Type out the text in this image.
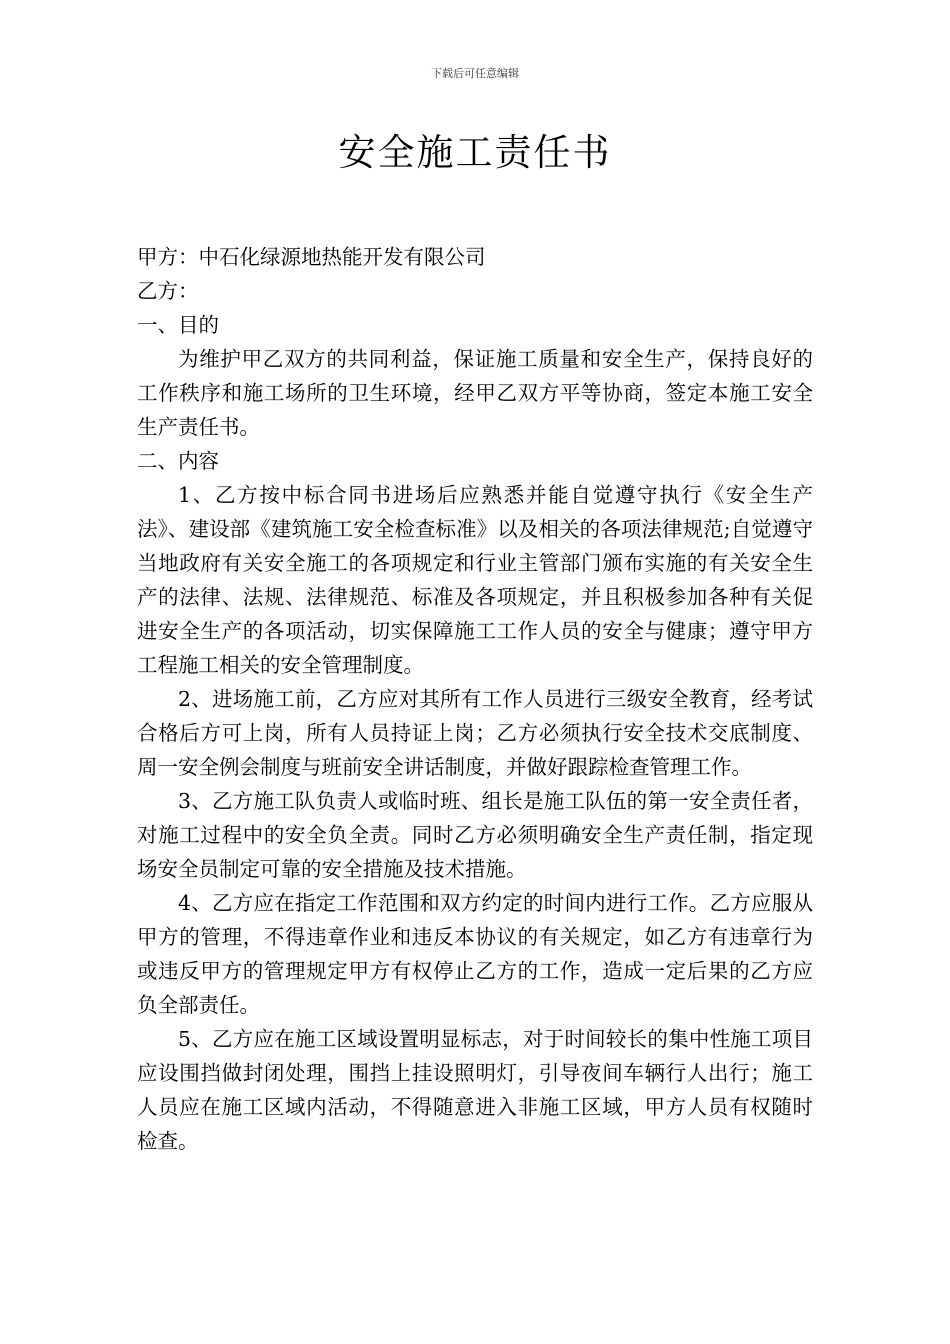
下载后可任意编辑
安全施工责任书

甲方：中石化绿源地热能开发有限公司

乙方：

一、目的

为维护甲乙双方的共同利益，保证施工质量和安全生产，保持良好的工作秩序和施工场所的卫生环境，经甲乙双方平等协商，签定本施工安全生产责任书。

二、内容

1、乙方按中标合同书进场后应熟悉并能自觉遵守执行《安全生产法》、建设部《建筑施工安全检查标准》以及相关的各项法律规范;自觉遵守当地政府有关安全施工的各项规定和行业主管部门颁布实施的有关安全生产的法律、法规、法律规范、标准及各项规定，并且积极参加各种有关促进安全生产的各项活动，切实保障施工工作人员的安全与健康；遵守甲方工程施工相关的安全管理制度。

2、进场施工前，乙方应对其所有工作人员进行三级安全教育，经考试合格后方可上岗，所有人员持证上岗；乙方必须执行安全技术交底制度、周一安全例会制度与班前安全讲话制度，并做好跟踪检查管理工作。

3、乙方施工队负责人或临时班、组长是施工队伍的第一安全责任者，对施工过程中的安全负全责。同时乙方必须明确安全生产责任制，指定现场安全员制定可靠的安全措施及技术措施。

4、乙方应在指定工作范围和双方约定的时间内进行工作。乙方应服从甲方的管理，不得违章作业和违反本协议的有关规定，如乙方有违章行为或违反甲方的管理规定甲方有权停止乙方的工作，造成一定后果的乙方应负全部责任。

5、乙方应在施工区域设置明显标志，对于时间较长的集中性施工项目应设围挡做封闭处理，围挡上挂设照明灯，引导夜间车辆行人出行；施工人员应在施工区域内活动，不得随意进入非施工区域，甲方人员有权随时检查。
